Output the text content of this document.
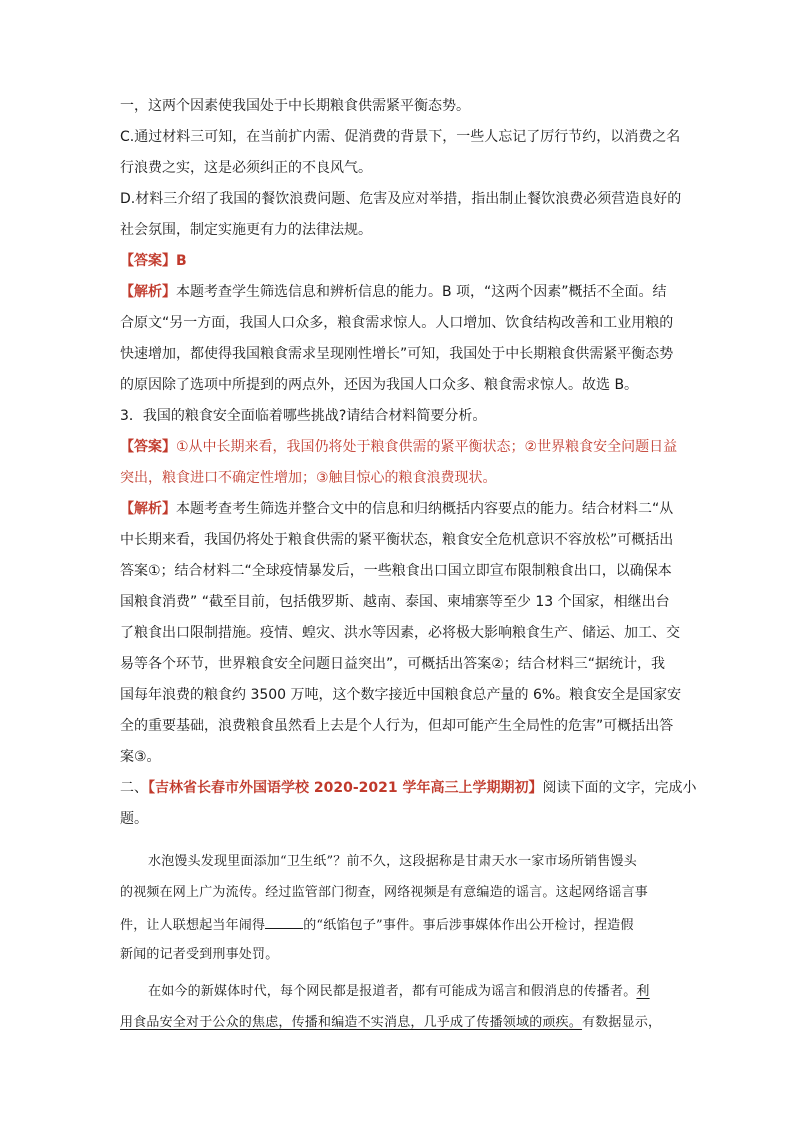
一，这两个因素使我国处于中长期粮食供需紧平衡态势。
C.通过材料三可知，在当前扩内需、促消费的背景下，一些人忘记了厉行节约，以消费之名
行浪费之实，这是必须纠正的不良风气。
D.材料三介绍了我国的餐饮浪费问题、危害及应对举措，指出制止餐饮浪费必须营造良好的
社会氛围，制定实施更有力的法律法规。
【答案】B
【解析】本题考查学生筛选信息和辨析信息的能力。B 项，“这两个因素”概括不全面。结
合原文“另一方面，我国人口众多，粮食需求惊人。人口增加、饮食结构改善和工业用粮的
快速增加，都使得我国粮食需求呈现刚性增长”可知，我国处于中长期粮食供需紧平衡态势
的原因除了选项中所提到的两点外，还因为我国人口众多、粮食需求惊人。故选 B。
3．我国的粮食安全面临着哪些挑战?请结合材料简要分析。
【答案】①从中长期来看，我国仍将处于粮食供需的紧平衡状态；②世界粮食安全问题日益
突出，粮食进口不确定性增加；③触目惊心的粮食浪费现状。
【解析】本题考查考生筛选并整合文中的信息和归纳概括内容要点的能力。结合材料二“从
中长期来看，我国仍将处于粮食供需的紧平衡状态，粮食安全危机意识不容放松”可概括出
答案①；结合材料二“全球疫情暴发后，一些粮食出口国立即宣布限制粮食出口，以确保本
国粮食消费” “截至目前，包括俄罗斯、越南、泰国、柬埔寨等至少 13 个国家，相继出台
了粮食出口限制措施。疫情、蝗灾、洪水等因素，必将极大影响粮食生产、储运、加工、交
易等各个环节，世界粮食安全问题日益突出”，可概括出答案②；结合材料三“据统计，我
国每年浪费的粮食约 3500 万吨，这个数字接近中国粮食总产量的 6%。粮食安全是国家安
全的重要基础，浪费粮食虽然看上去是个人行为，但却可能产生全局性的危害”可概括出答
案③。
二、【吉林省长春市外国语学校 2020-2021 学年高三上学期期初】阅读下面的文字，完成小
题。
水泡馒头发现里面添加“卫生纸”？前不久，这段据称是甘肃天水一家市场所销售馒头
的视频在网上广为流传。经过监管部门彻查，网络视频是有意编造的谣言。这起网络谣言事
件，让人联想起当年闹得	的“纸馅包子”事件。事后涉事媒体作出公开检讨，捏造假
新闻的记者受到刑事处罚。
在如今的新媒体时代，每个网民都是报道者，都有可能成为谣言和假消息的传播者。利
用食品安全对于公众的焦虑，传播和编造不实消息，几乎成了传播领域的顽疾。有数据显示，
